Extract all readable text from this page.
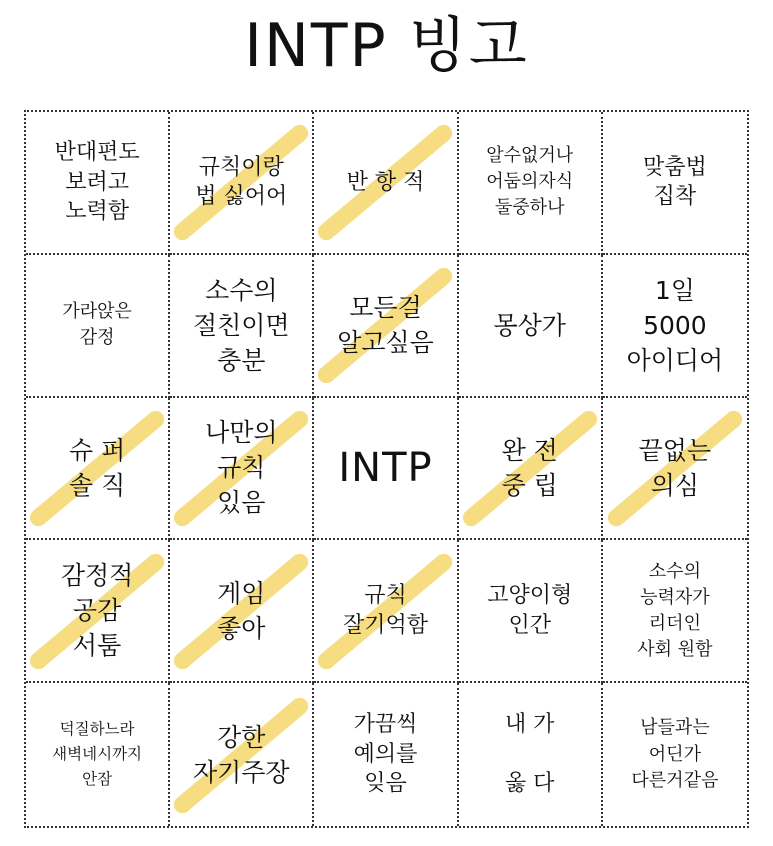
INTP 빙고
반대편도
보려고
노력함
규칙이랑
법 싫어어
반 항 적
알수없거나
어둠의자식
둘중하나
맞춤법
집착
가라앉은
감정
소수의
절친이면
충분
모든걸
알고싶음
몽상가
1일
5000
아이디어
슈 퍼
솔 직
나만의
규칙
있음
INTP	완 전
중 립
끝없는
의심
감정적
공감
서툼
게임
좋아
규칙
잘기억함
고양이형
인간
소수의
능력자가
리더인
사회 원함
덕질하느라
새벽네시까지
안잠
강한
자기주장
가끔씩
예의를
잊음
내 가

옳 다
남들과는
어딘가
다른거같음
